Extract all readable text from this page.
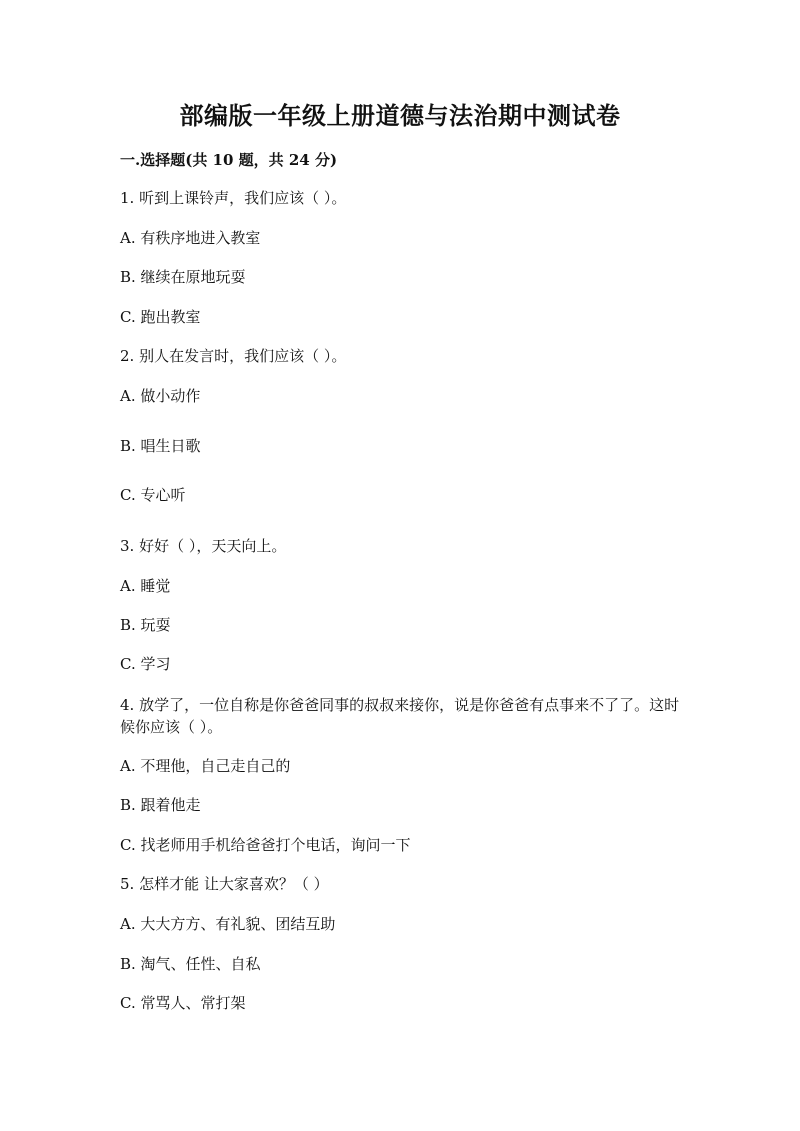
部编版一年级上册道德与法治期中测试卷
一.选择题(共 10 题，共 24 分)
1. 听到上课铃声，我们应该（ ）。
A. 有秩序地进入教室
B. 继续在原地玩耍
C. 跑出教室
2. 别人在发言时，我们应该（ ）。
A. 做小动作
B. 唱生日歌
C. 专心听
3. 好好（ ），天天向上。
A. 睡觉
B. 玩耍
C. 学习
4. 放学了，一位自称是你爸爸同事的叔叔来接你，说是你爸爸有点事来不了了。这时候你应该（ ）。
A. 不理他，自己走自己的
B. 跟着他走
C. 找老师用手机给爸爸打个电话，询问一下
5. 怎样才能 让大家喜欢？（ ）
A. 大大方方、有礼貌、团结互助
B. 淘气、任性、自私
C. 常骂人、常打架
